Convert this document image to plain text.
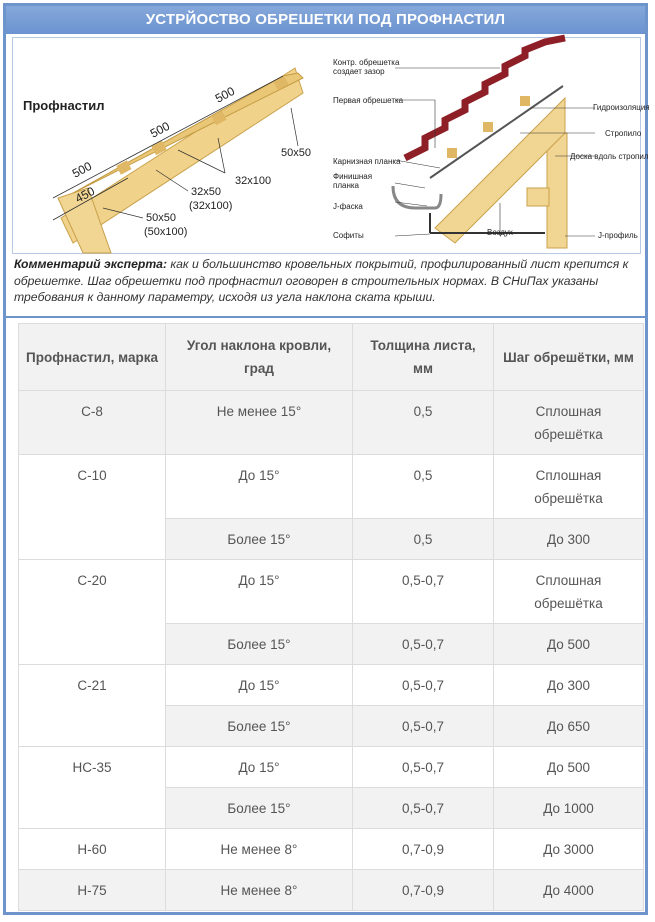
УСТРЙОСТВО ОБРЕШЕТКИ ПОД ПРОФНАСТИЛ
Профнастил
500
500
500
450
50x50
32x100
32x50
(32x100)
50x50
(50x100)
Контр. обрешетка
создает зазор
Первая обрешетка
Карнизная планка
Финишная
планка
J-фаска
Софиты
Гидроизоляция
Стропило
Доска вдоль стропил
Воздух	J-профиль
Комментарий эксперта: как и большинство кровельных покрытий, профилированный лист крепится к обрешетке. Шаг обрешетки под профнастил оговорен в строительных нормах. В СНиПах указаны требования к данному параметру, исходя из угла наклона ската крыши.
Профнастил, марка	Угол наклона кровли, град	Толщина листа, мм	Шаг обрешётки, мм
С-8	Не менее 15°	0,5	Сплошная обрешётка
С-10	До 15°	0,5	Сплошная обрешётка
	Более 15°	0,5	До 300
С-20	До 15°	0,5-0,7	Сплошная обрешётка
	Более 15°	0,5-0,7	До 500
С-21	До 15°	0,5-0,7	До 300
	Более 15°	0,5-0,7	До 650
НС-35	До 15°	0,5-0,7	До 500
	Более 15°	0,5-0,7	До 1000
Н-60	Не менее 8°	0,7-0,9	До 3000
Н-75	Не менее 8°	0,7-0,9	До 4000
